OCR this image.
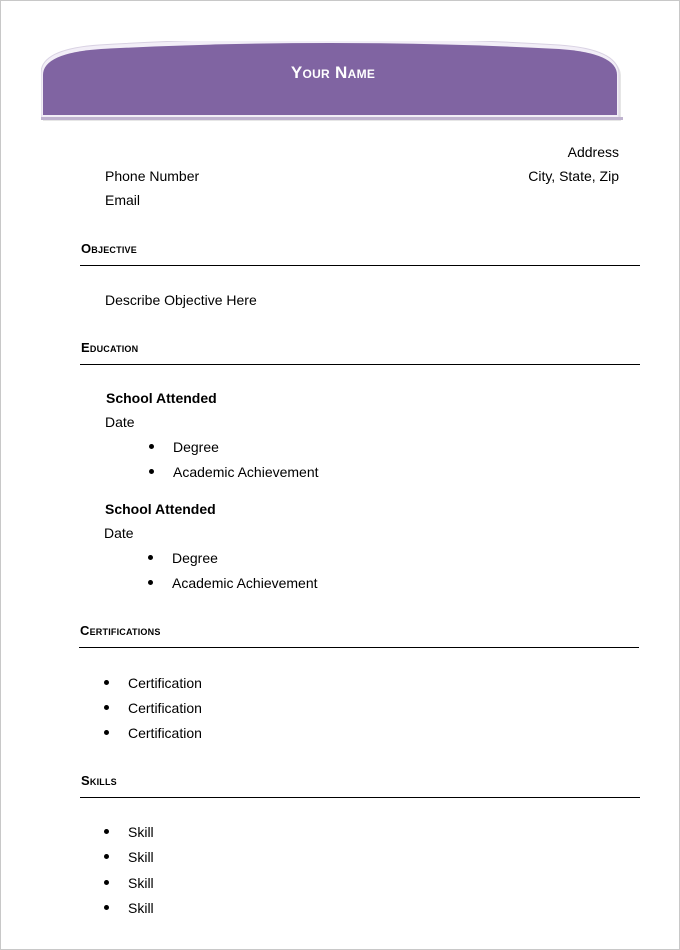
Your Name
Address
Phone Number	City, State, Zip
Email
Objective
Describe Objective Here
Education
School Attended
Date
Degree
Academic Achievement
School Attended
Date
Degree
Academic Achievement
Certifications
Certification
Certification
Certification
Skills
Skill
Skill
Skill
Skill
